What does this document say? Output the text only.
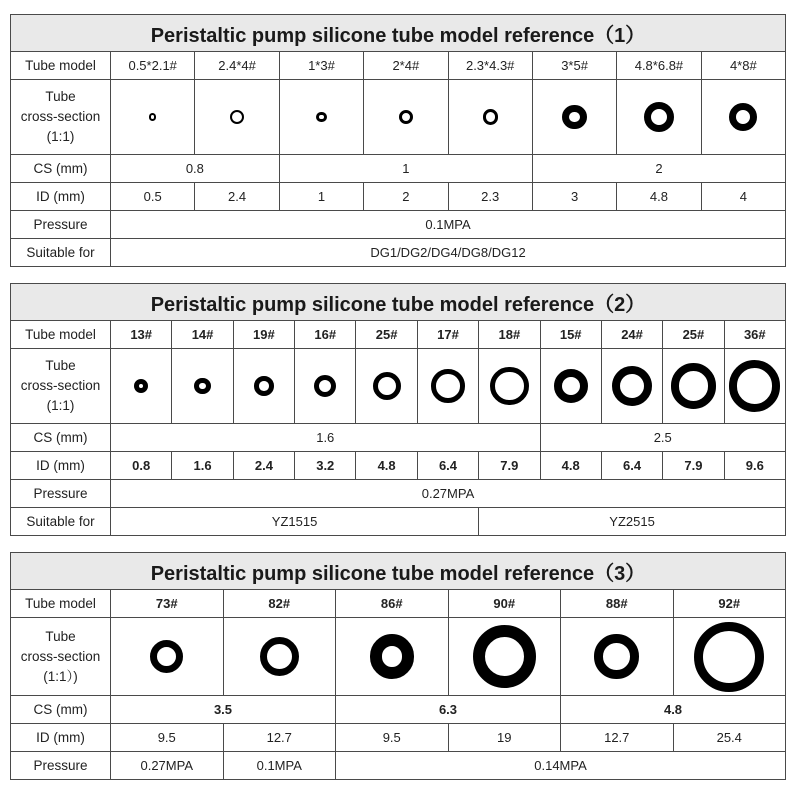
Peristaltic pump silicone tube model reference（1）								
Tube model	0.5*2.1#	2.4*4#	1*3#	2*4#	2.3*4.3#	3*5#	4.8*6.8#	4*8#

Tube
cross-section
(1:1)								

CS (mm)	0.8		1			2		
ID (mm)	0.5	2.4	1	2	2.3	3	4.8	4
Pressure	0.1MPA							
Suitable for	DG1/DG2/DG4/DG8/DG12							
Peristaltic pump silicone tube model reference（2）											
Tube model	13#	14#	19#	16#	25#	17#	18#	15#	24#	25#	36#

Tube
cross-section
(1:1)											

CS (mm)	1.6							2.5			
ID (mm)	0.8	1.6	2.4	3.2	4.8	6.4	7.9	4.8	6.4	7.9	9.6
Pressure	0.27MPA										
Suitable for	YZ1515						YZ2515				
Peristaltic pump silicone tube model reference（3）						
Tube model	73#	82#	86#	90#	88#	92#

Tube
cross-section
(1:1）)						

CS (mm)	3.5		6.3		4.8	
ID (mm)	9.5	12.7	9.5	19	12.7	25.4
Pressure	0.27MPA	0.1MPA	0.14MPA			
